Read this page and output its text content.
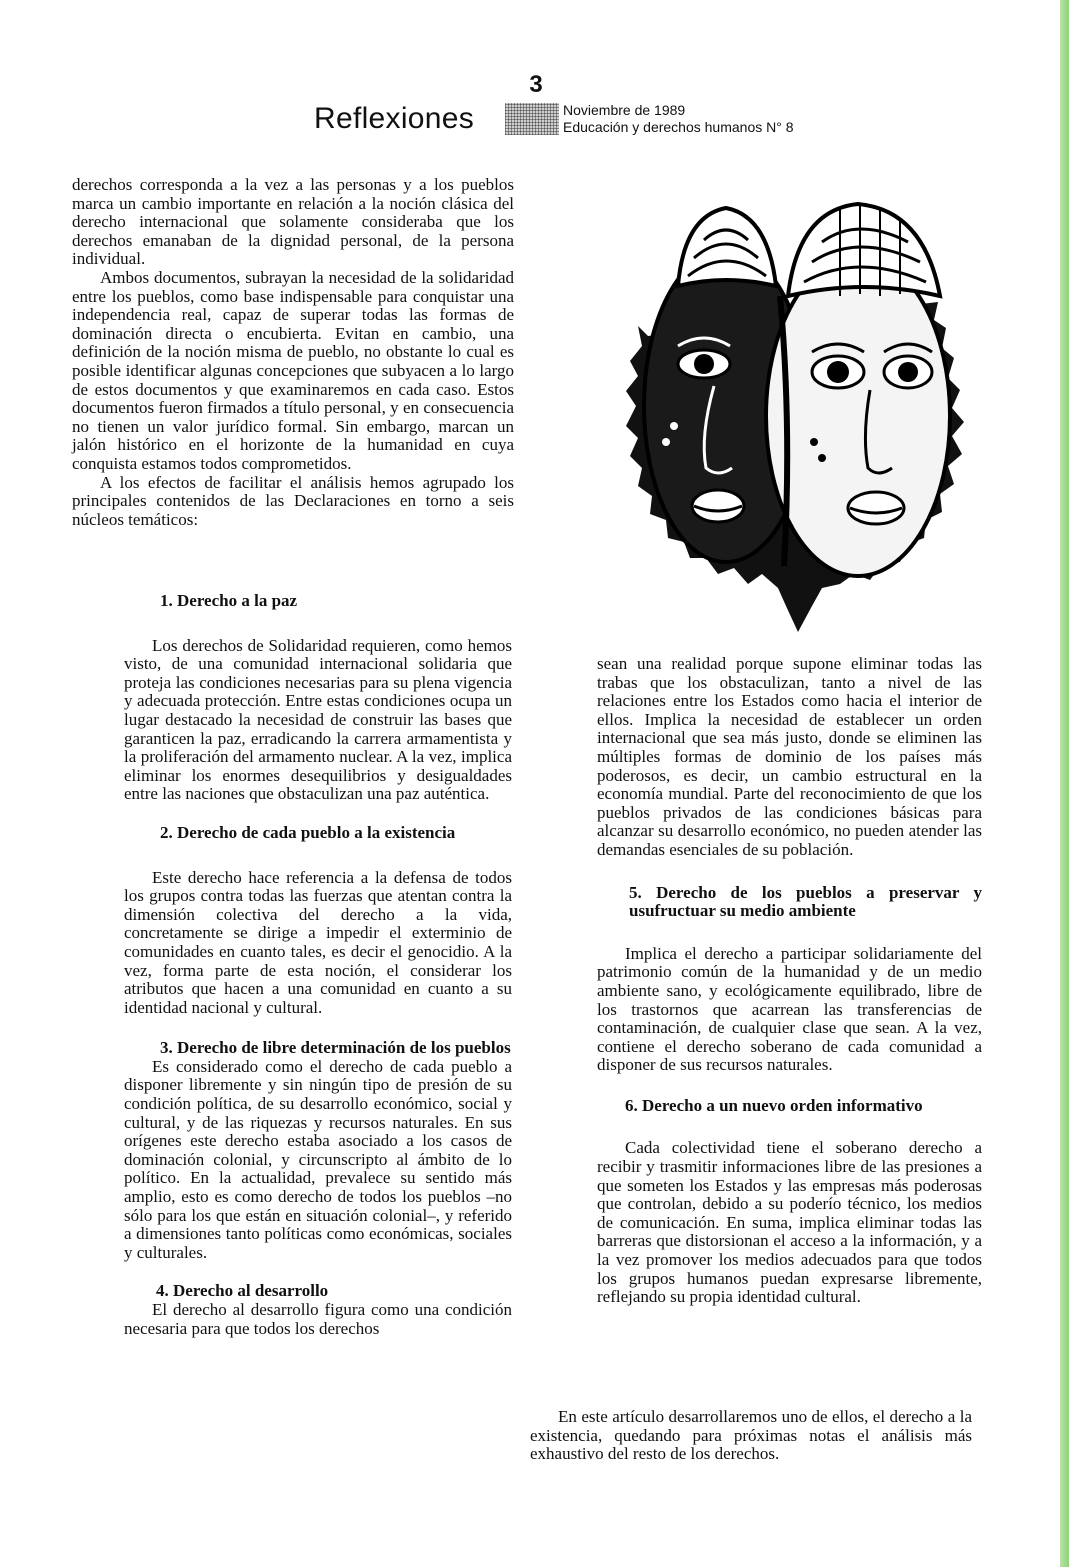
3
Reflexiones	Noviembre de 1989
Educación y derechos humanos N° 8

derechos corresponda a la vez a las personas y a los pueblos marca un cambio importante en relación a la noción clásica del derecho internacional que solamente consideraba que los derechos emanaban de la dignidad personal, de la persona individual.

Ambos documentos, subrayan la necesidad de la solidaridad entre los pueblos, como base indispensable para conquistar una independencia real, capaz de superar todas las formas de dominación directa o encubierta. Evitan en cambio, una definición de la noción misma de pueblo, no obstante lo cual es posible identificar algunas concepciones que subyacen a lo largo de estos documentos y que examinaremos en cada caso. Estos documentos fueron firmados a título personal, y en consecuencia no tienen un valor jurídico formal. Sin embargo, marcan un jalón histórico en el horizonte de la humanidad en cuya conquista estamos todos comprometidos.

A los efectos de facilitar el análisis hemos agrupado los principales contenidos de las Declaraciones en torno a seis núcleos temáticos:

1. Derecho a la paz

Los derechos de Solidaridad requieren, como hemos visto, de una comunidad internacional solidaria que proteja las condiciones necesarias para su plena vigencia y adecuada protección. Entre estas condiciones ocupa un lugar destacado la necesidad de construir las bases que garanticen la paz, erradicando la carrera armamentista y la proliferación del armamento nuclear. A la vez, implica eliminar los enormes desequilibrios y desigualdades entre las naciones que obstaculizan una paz auténtica.

2. Derecho de cada pueblo a la existencia

Este derecho hace referencia a la defensa de todos los grupos contra todas las fuerzas que atentan contra la dimensión colectiva del derecho a la vida, concretamente se dirige a impedir el exterminio de comunidades en cuanto tales, es decir el genocidio. A la vez, forma parte de esta noción, el considerar los atributos que hacen a una comunidad en cuanto a su identidad nacional y cultural.

3. Derecho de libre determinación de los pueblos

Es considerado como el derecho de cada pueblo a disponer libremente y sin ningún tipo de presión de su condición política, de su desarrollo económico, social y cultural, y de las riquezas y recursos naturales. En sus orígenes este derecho estaba asociado a los casos de dominación colonial, y circunscripto al ámbito de lo político. En la actualidad, prevalece su sentido más amplio, esto es como derecho de todos los pueblos –no sólo para los que están en situación colonial–, y referido a dimensiones tanto políticas como económicas, sociales y culturales.

4. Derecho al desarrollo

El derecho al desarrollo figura como una condición necesaria para que todos los derechos

sean una realidad porque supone eliminar todas las trabas que los obstaculizan, tanto a nivel de las relaciones entre los Estados como hacia el interior de ellos. Implica la necesidad de establecer un orden internacional que sea más justo, donde se eliminen las múltiples formas de dominio de los países más poderosos, es decir, un cambio estructural en la economía mundial. Parte del reconocimiento de que los pueblos privados de las condiciones básicas para alcanzar su desarrollo económico, no pueden atender las demandas esenciales de su población.

5. Derecho de los pueblos a preservar y usufructuar su medio ambiente

Implica el derecho a participar solidariamente del patrimonio común de la humanidad y de un medio ambiente sano, y ecológicamente equilibrado, libre de los trastornos que acarrean las transferencias de contaminación, de cualquier clase que sean. A la vez, contiene el derecho soberano de cada comunidad a disponer de sus recursos naturales.

6. Derecho a un nuevo orden informativo

Cada colectividad tiene el soberano derecho a recibir y trasmitir informaciones libre de las presiones a que someten los Estados y las empresas más poderosas que controlan, debido a su poderío técnico, los medios de comunicación. En suma, implica eliminar todas las barreras que distorsionan el acceso a la información, y a la vez promover los medios adecuados para que todos los grupos humanos puedan expresarse libremente, reflejando su propia identidad cultural.

En este artículo desarrollaremos uno de ellos, el derecho a la existencia, quedando para próximas notas el análisis más exhaustivo del resto de los derechos.
